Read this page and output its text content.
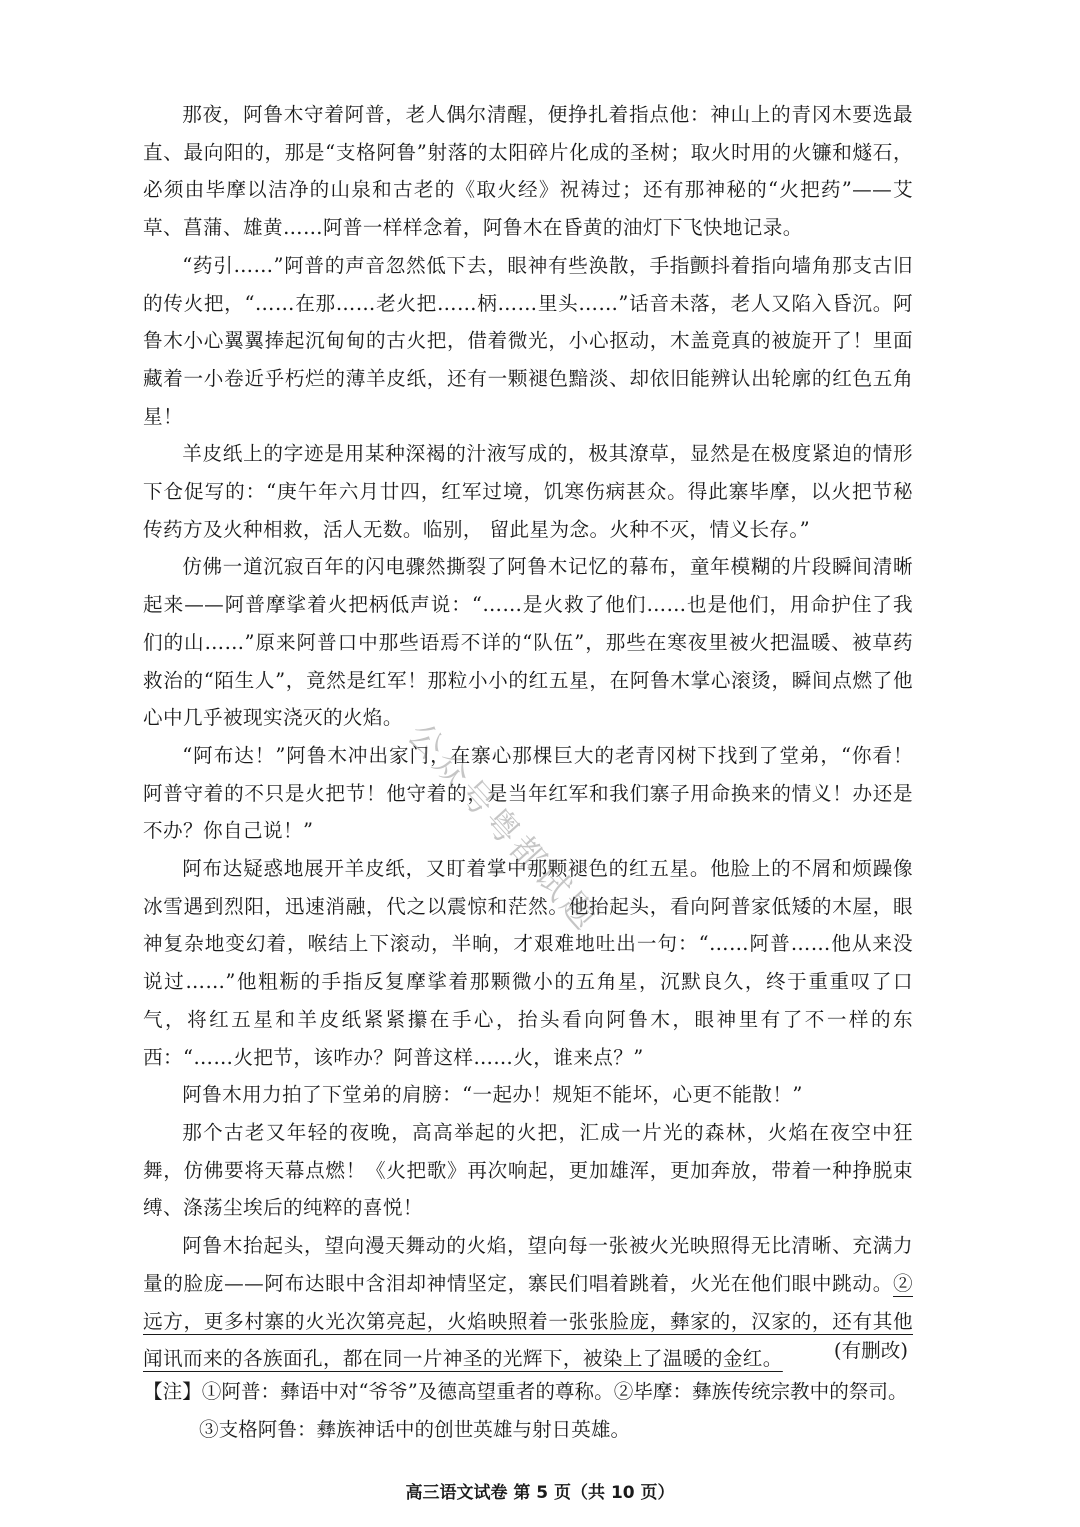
那夜，阿鲁木守着阿普，老人偶尔清醒，便挣扎着指点他：神山上的青冈木要选最直、最向阳的，那是“支格阿鲁”射落的太阳碎片化成的圣树；取火时用的火镰和燧石，必须由毕摩以洁净的山泉和古老的《取火经》祝祷过；还有那神秘的“火把药”——艾草、菖蒲、雄黄……阿普一样样念着，阿鲁木在昏黄的油灯下飞快地记录。

“药引……”阿普的声音忽然低下去，眼神有些涣散，手指颤抖着指向墙角那支古旧的传火把，“……在那……老火把……柄……里头……”话音未落，老人又陷入昏沉。阿鲁木小心翼翼捧起沉甸甸的古火把，借着微光，小心抠动，木盖竟真的被旋开了！里面藏着一小卷近乎朽烂的薄羊皮纸，还有一颗褪色黯淡、却依旧能辨认出轮廓的红色五角星！

羊皮纸上的字迹是用某种深褐的汁液写成的，极其潦草，显然是在极度紧迫的情形下仓促写的：“庚午年六月廿四，红军过境，饥寒伤病甚众。得此寨毕摩，以火把节秘传药方及火种相救，活人无数。临别， 留此星为念。火种不灭，情义长存。”

仿佛一道沉寂百年的闪电骤然撕裂了阿鲁木记忆的幕布，童年模糊的片段瞬间清晰起来——阿普摩挲着火把柄低声说：“……是火救了他们……也是他们，用命护住了我们的山……”原来阿普口中那些语焉不详的“队伍”，那些在寒夜里被火把温暖、被草药救治的“陌生人”，竟然是红军！那粒小小的红五星，在阿鲁木掌心滚烫，瞬间点燃了他心中几乎被现实浇灭的火焰。

“阿布达！”阿鲁木冲出家门，在寨心那棵巨大的老青冈树下找到了堂弟，“你看！阿普守着的不只是火把节！他守着的，是当年红军和我们寨子用命换来的情义！办还是不办？你自己说！”

阿布达疑惑地展开羊皮纸，又盯着掌中那颗褪色的红五星。他脸上的不屑和烦躁像冰雪遇到烈阳，迅速消融，代之以震惊和茫然。他抬起头，看向阿普家低矮的木屋，眼神复杂地变幻着，喉结上下滚动，半晌，才艰难地吐出一句：“……阿普……他从来没说过……”他粗粝的手指反复摩挲着那颗微小的五角星，沉默良久，终于重重叹了口气，将红五星和羊皮纸紧紧攥在手心，抬头看向阿鲁木，眼神里有了不一样的东西：“……火把节，该咋办？阿普这样……火，谁来点？”

阿鲁木用力拍了下堂弟的肩膀：“一起办！规矩不能坏，心更不能散！”

那个古老又年轻的夜晚，高高举起的火把，汇成一片光的森林，火焰在夜空中狂舞，仿佛要将天幕点燃！《火把歌》再次响起，更加雄浑，更加奔放，带着一种挣脱束缚、涤荡尘埃后的纯粹的喜悦！

阿鲁木抬起头，望向漫天舞动的火焰，望向每一张被火光映照得无比清晰、充满力量的脸庞——阿布达眼中含泪却神情坚定，寨民们唱着跳着，火光在他们眼中跳动。②远方，更多村寨的火光次第亮起，火焰映照着一张张脸庞，彝家的，汉家的，还有其他闻讯而来的各族面孔，都在同一片神圣的光辉下，被染上了温暖的金红。	(有删改)
【注】①阿普：彝语中对“爷爷”及德高望重者的尊称。②毕摩：彝族传统宗教中的祭司。
③支格阿鲁：彝族神话中的创世英雄与射日英雄。
高三语文试卷 第 5 页（共 10 页）
公众号粤都试题
